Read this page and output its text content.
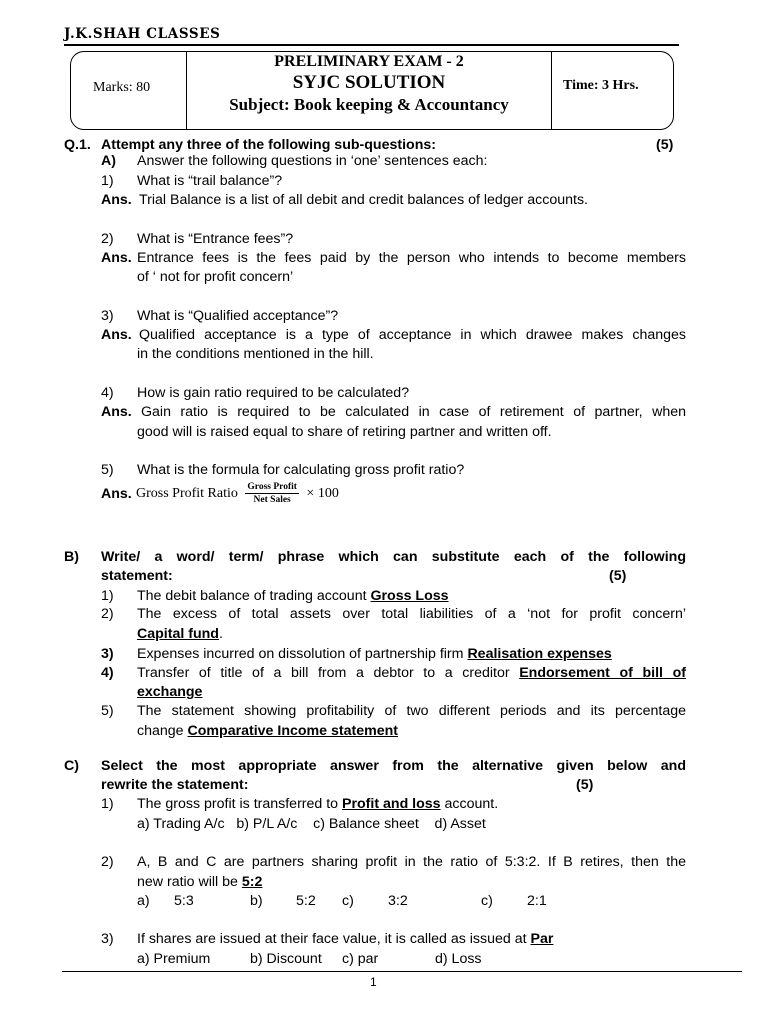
J.K.SHAH CLASSES
Marks: 80
PRELIMINARY EXAM - 2
SYJC SOLUTION
Subject: Book keeping & Accountancy
Time: 3 Hrs.
Q.1. Attempt any three of the following sub-questions:	(5)
A) Answer the following questions in ‘one’ sentences each:
1) What is “trail balance”?
Ans. Trial Balance is a list of all debit and credit balances of ledger accounts.
2) What is “Entrance fees”?
Ans. Entrance fees is the fees paid by the person who intends to become members
of ‘ not for profit concern’
3) What is “Qualified acceptance”?
Ans. Qualified acceptance is a type of acceptance in which drawee makes changes
in the conditions mentioned in the hill.
4) How is gain ratio required to be calculated?
Ans. Gain ratio is required to be calculated in case of retirement of partner, when
good will is raised equal to share of retiring partner and written off.
5) What is the formula for calculating gross profit ratio?
Ans. Gross Profit Ratio $\frac{\text{Gross Profit}}{\text{Net Sales}} \times 100$
B) Write/ a word/ term/ phrase which can substitute each of the following
statement:	(5)
1) The debit balance of trading account Gross Loss
2) The excess of total assets over total liabilities of a ‘not for profit concern’
Capital fund.
3) Expenses incurred on dissolution of partnership firm Realisation expenses
4) Transfer of title of a bill from a debtor to a creditor Endorsement of bill of
exchange
5) The statement showing profitability of two different periods and its percentage
change Comparative Income statement
C) Select the most appropriate answer from the alternative given below and
rewrite the statement:	(5)
1) The gross profit is transferred to Profit and loss account.
a) Trading A/c   b) P/L A/c    c) Balance sheet    d) Asset
2) A, B and C are partners sharing profit in the ratio of 5:3:2. If B retires, then the
new ratio will be 5:2
a) 5:3	b) 5:2 c) 3:2	c) 2:1
3) If shares are issued at their face value, it is called as issued at Par
a) Premium	b) Discount c) par	d) Loss
1
